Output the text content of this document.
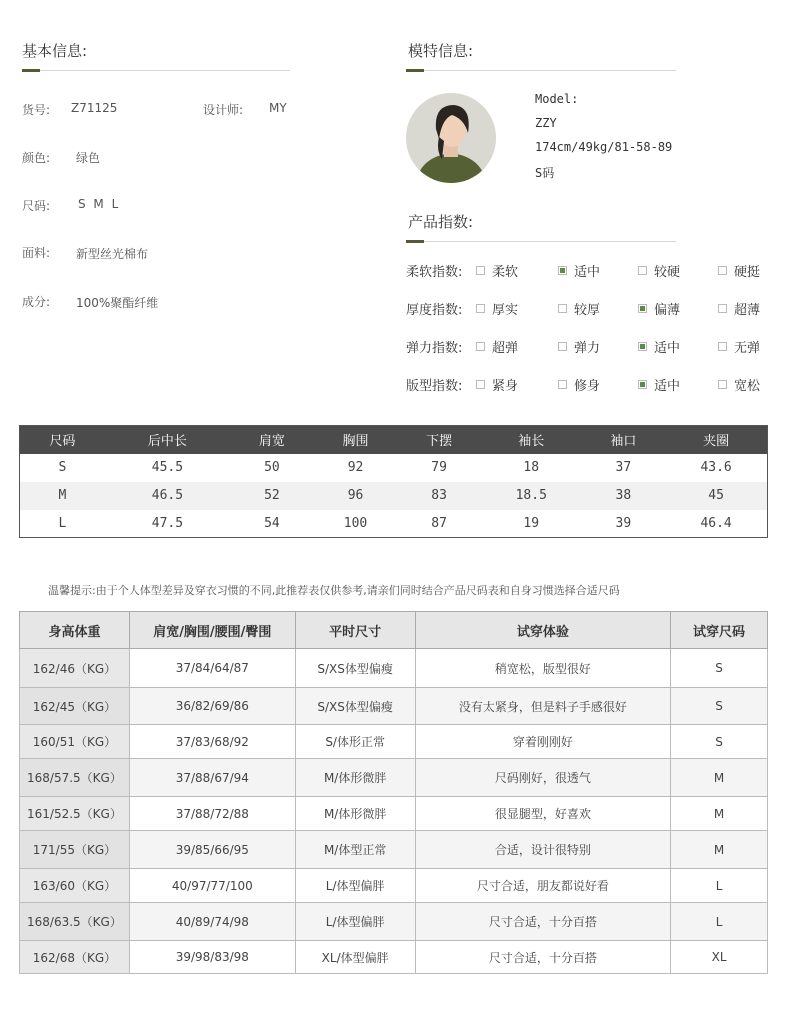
基本信息:
货号: Z71125	设计师: MY
颜色: 绿色
尺码: S M L
面料: 新型丝光棉布
成分: 100%聚酯纤维
模特信息:
Model:
ZZY
174cm/49kg/81-58-89
S码
产品指数:
柔软指数: 柔软	适中	较硬	硬挺
厚度指数: 厚实	较厚	偏薄	超薄
弹力指数: 超弹	弹力	适中	无弹
版型指数: 紧身	修身	适中	宽松
尺码	后中长	肩宽	胸围	下摆	袖长	袖口	夹圈
S	45.5	50	92	79	18	37	43.6
M	46.5	52	96	83	18.5	38	45
L	47.5	54	100	87	19	39	46.4
温馨提示:由于个人体型差异及穿衣习惯的不同,此推荐表仅供参考,请亲们同时结合产品尺码表和自身习惯选择合适尺码
身高体重	肩宽/胸围/腰围/臀围	平时尺寸	试穿体验	试穿尺码
162/46（KG）	37/84/64/87	S/XS体型偏瘦	稍宽松，版型很好	S
162/45（KG）	36/82/69/86	S/XS体型偏瘦	没有太紧身，但是料子手感很好	S
160/51（KG）	37/83/68/92	S/体形正常	穿着刚刚好	S
168/57.5（KG）	37/88/67/94	M/体形微胖	尺码刚好，很透气	M
161/52.5（KG）	37/88/72/88	M/体形微胖	很显腿型，好喜欢	M
171/55（KG）	39/85/66/95	M/体型正常	合适，设计很特别	M
163/60（KG）	40/97/77/100	L/体型偏胖	尺寸合适，朋友都说好看	L
168/63.5（KG）	40/89/74/98	L/体型偏胖	尺寸合适，十分百搭	L
162/68（KG）	39/98/83/98	XL/体型偏胖	尺寸合适，十分百搭	XL
